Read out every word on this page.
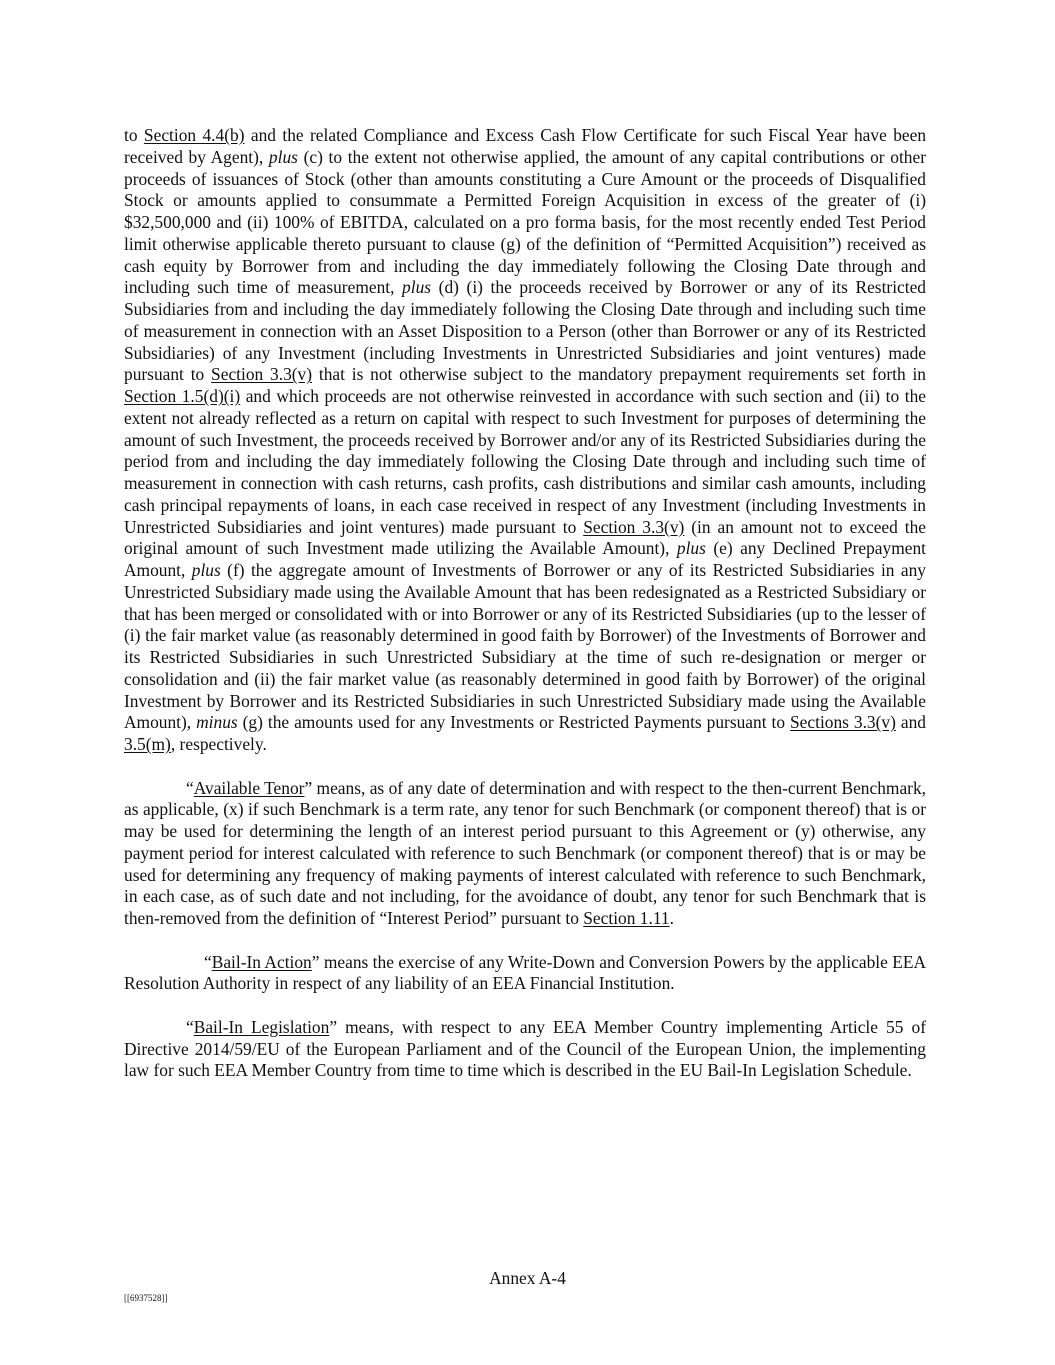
to Section 4.4(b) and the related Compliance and Excess Cash Flow Certificate for such Fiscal Year have been received by Agent), plus (c) to the extent not otherwise applied, the amount of any capital contributions or other proceeds of issuances of Stock (other than amounts constituting a Cure Amount or the proceeds of Disqualified Stock or amounts applied to consummate a Permitted Foreign Acquisition in excess of the greater of (i) $32,500,000 and (ii) 100% of EBITDA, calculated on a pro forma basis, for the most recently ended Test Period limit otherwise applicable thereto pursuant to clause (g) of the definition of “Permitted Acquisition”) received as cash equity by Borrower from and including the day immediately following the Closing Date through and including such time of measurement, plus (d) (i) the proceeds received by Borrower or any of its Restricted Subsidiaries from and including the day immediately following the Closing Date through and including such time of measurement in connection with an Asset Disposition to a Person (other than Borrower or any of its Restricted Subsidiaries) of any Investment (including Investments in Unrestricted Subsidiaries and joint ventures) made pursuant to Section 3.3(v) that is not otherwise subject to the mandatory prepayment requirements set forth in Section 1.5(d)(i) and which proceeds are not otherwise reinvested in accordance with such section and (ii) to the extent not already reflected as a return on capital with respect to such Investment for purposes of determining the amount of such Investment, the proceeds received by Borrower and/or any of its Restricted Subsidiaries during the period from and including the day immediately following the Closing Date through and including such time of measurement in connection with cash returns, cash profits, cash distributions and similar cash amounts, including cash principal repayments of loans, in each case received in respect of any Investment (including Investments in Unrestricted Subsidiaries and joint ventures) made pursuant to Section 3.3(v) (in an amount not to exceed the original amount of such Investment made utilizing the Available Amount), plus (e) any Declined Prepayment Amount, plus (f) the aggregate amount of Investments of Borrower or any of its Restricted Subsidiaries in any Unrestricted Subsidiary made using the Available Amount that has been redesignated as a Restricted Subsidiary or that has been merged or consolidated with or into Borrower or any of its Restricted Subsidiaries (up to the lesser of (i) the fair market value (as reasonably determined in good faith by Borrower) of the Investments of Borrower and its Restricted Subsidiaries in such Unrestricted Subsidiary at the time of such re-designation or merger or consolidation and (ii) the fair market value (as reasonably determined in good faith by Borrower) of the original Investment by Borrower and its Restricted Subsidiaries in such Unrestricted Subsidiary made using the Available Amount), minus (g) the amounts used for any Investments or Restricted Payments pursuant to Sections 3.3(v) and 3.5(m), respectively.

“Available Tenor” means, as of any date of determination and with respect to the then-current Benchmark, as applicable, (x) if such Benchmark is a term rate, any tenor for such Benchmark (or component thereof) that is or may be used for determining the length of an interest period pursuant to this Agreement or (y) otherwise, any payment period for interest calculated with reference to such Benchmark (or component thereof) that is or may be used for determining any frequency of making payments of interest calculated with reference to such Benchmark, in each case, as of such date and not including, for the avoidance of doubt, any tenor for such Benchmark that is then-removed from the definition of “Interest Period” pursuant to Section 1.11.

“Bail-In Action” means the exercise of any Write-Down and Conversion Powers by the applicable EEA Resolution Authority in respect of any liability of an EEA Financial Institution.

“Bail-In Legislation” means, with respect to any EEA Member Country implementing Article 55 of Directive 2014/59/EU of the European Parliament and of the Council of the European Union, the implementing law for such EEA Member Country from time to time which is described in the EU Bail-In Legislation Schedule.

Annex A-4
[[6937528]]
